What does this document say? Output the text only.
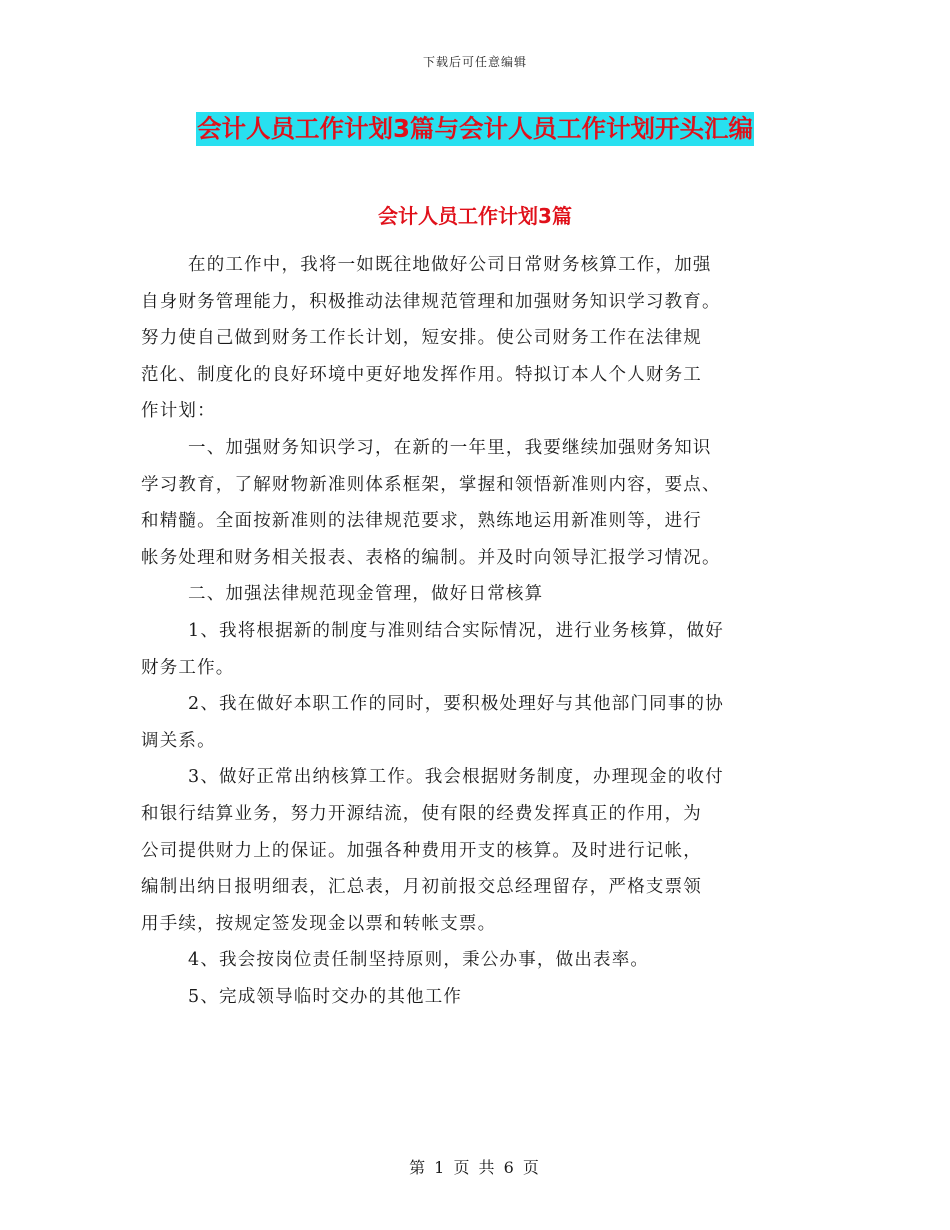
下载后可任意编辑
会计人员工作计划3篇与会计人员工作计划开头汇编
会计人员工作计划3篇
在的工作中，我将一如既往地做好公司日常财务核算工作，加强
自身财务管理能力，积极推动法律规范管理和加强财务知识学习教育。
努力使自己做到财务工作长计划，短安排。使公司财务工作在法律规
范化、制度化的良好环境中更好地发挥作用。特拟订本人个人财务工
作计划：
一、加强财务知识学习，在新的一年里，我要继续加强财务知识
学习教育，了解财物新准则体系框架，掌握和领悟新准则内容，要点、
和精髓。全面按新准则的法律规范要求，熟练地运用新准则等，进行
帐务处理和财务相关报表、表格的编制。并及时向领导汇报学习情况。
二、加强法律规范现金管理，做好日常核算
1、我将根据新的制度与准则结合实际情况，进行业务核算，做好
财务工作。
2、我在做好本职工作的同时，要积极处理好与其他部门同事的协
调关系。
3、做好正常出纳核算工作。我会根据财务制度，办理现金的收付
和银行结算业务，努力开源结流，使有限的经费发挥真正的作用，为
公司提供财力上的保证。加强各种费用开支的核算。及时进行记帐，
编制出纳日报明细表，汇总表，月初前报交总经理留存，严格支票领
用手续，按规定签发现金以票和转帐支票。
4、我会按岗位责任制坚持原则，秉公办事，做出表率。
5、完成领导临时交办的其他工作
第 1 页 共 6 页
